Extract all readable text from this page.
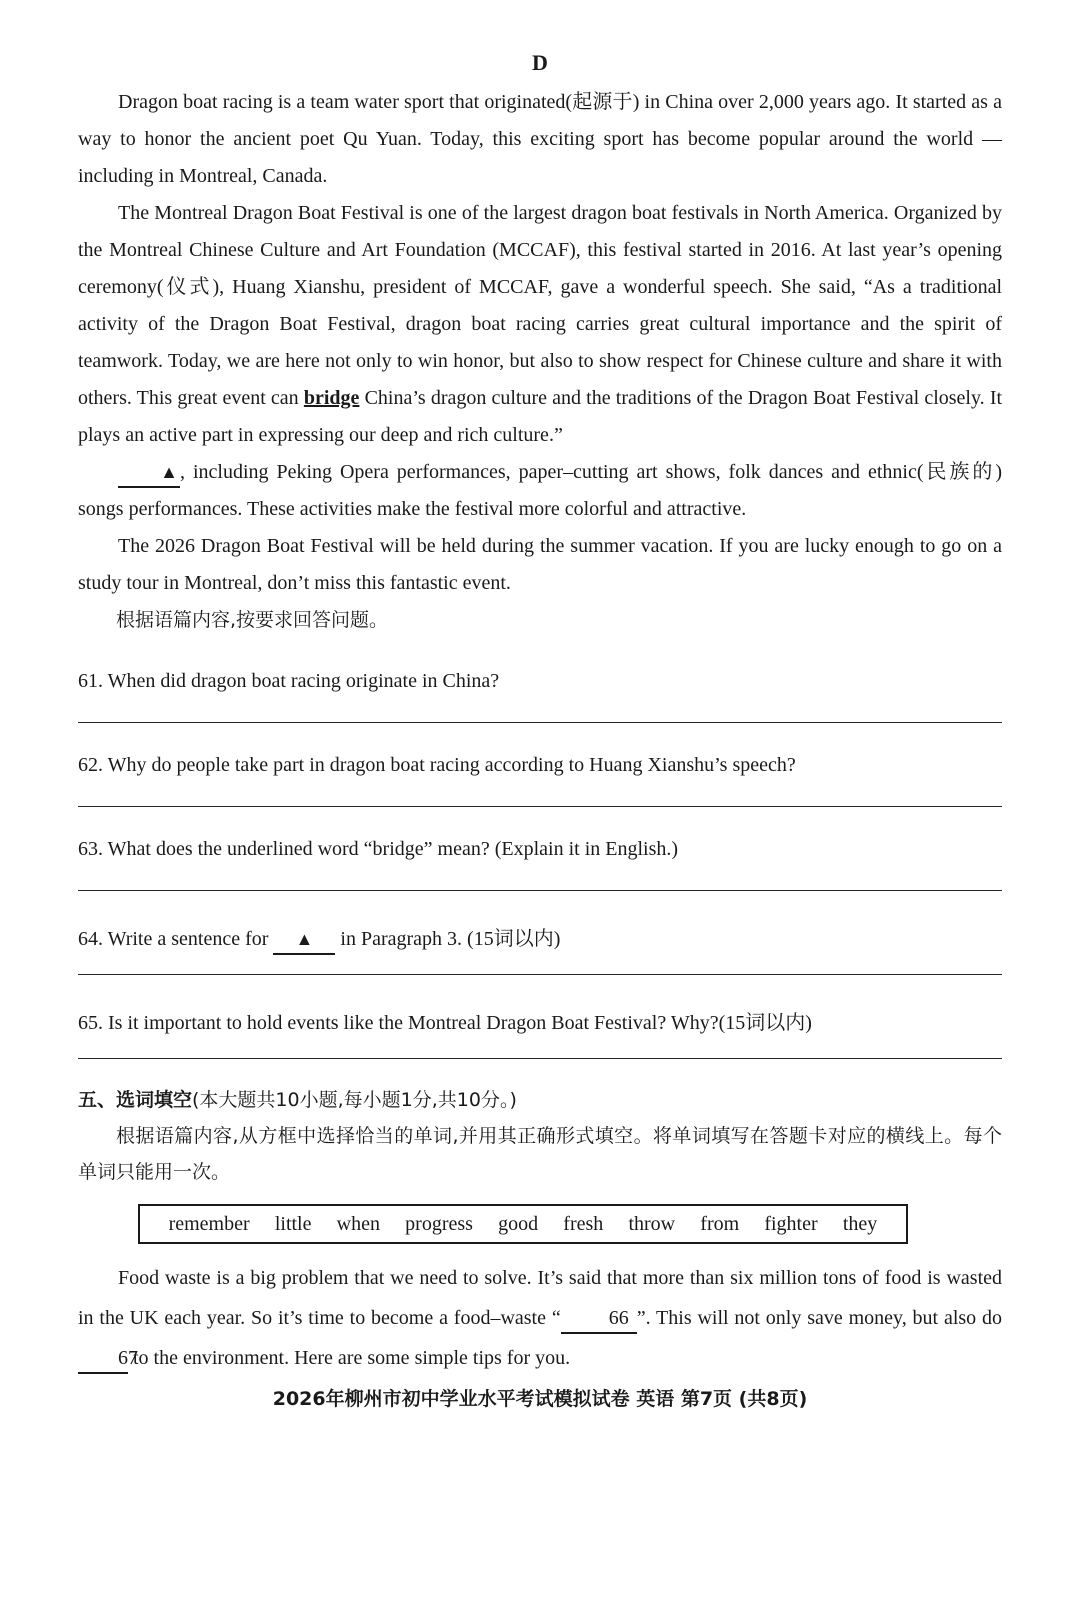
D

Dragon boat racing is a team water sport that originated(起源于) in China over 2,000 years ago. It started as a way to honor the ancient poet Qu Yuan. Today, this exciting sport has become popular around the world — including in Montreal, Canada.

The Montreal Dragon Boat Festival is one of the largest dragon boat festivals in North America. Organized by the Montreal Chinese Culture and Art Foundation (MCCAF), this festival started in 2016. At last year’s opening ceremony(仪式), Huang Xianshu, president of MCCAF, gave a wonderful speech. She said, “As a traditional activity of the Dragon Boat Festival, dragon boat racing carries great cultural importance and the spirit of teamwork. Today, we are here not only to win honor, but also to show respect for Chinese culture and share it with others. This great event can bridge China’s dragon culture and the traditions of the Dragon Boat Festival closely. It plays an active part in expressing our deep and rich culture.”

▲ , including Peking Opera performances, paper–cutting art shows, folk dances and ethnic(民族的) songs performances. These activities make the festival more colorful and attractive.

The 2026 Dragon Boat Festival will be held during the summer vacation. If you are lucky enough to go on a study tour in Montreal, don’t miss this fantastic event.

根据语篇内容,按要求回答问题。

61. When did dragon boat racing originate in China?
62. Why do people take part in dragon boat racing according to Huang Xianshu’s speech?
63. What does the underlined word “bridge” mean? (Explain it in English.)
64. Write a sentence for ▲ in Paragraph 3. (15词以内)
65. Is it important to hold events like the Montreal Dragon Boat Festival? Why?(15词以内)
五、选词填空(本大题共10小题,每小题1分,共10分。)

根据语篇内容,从方框中选择恰当的单词,并用其正确形式填空。将单词填写在答题卡对应的横线上。每个单词只能用一次。

remember little when progress good fresh throw from fighter they

Food waste is a big problem that we need to solve. It’s said that more than six million tons of food is wasted in the UK each year. So it’s time to become a food–waste “ 66 ”. This will not only save money, but also do 67 to the environment. Here are some simple tips for you.

2026年柳州市初中学业水平考试模拟试卷 英语 第7页 (共8页)
